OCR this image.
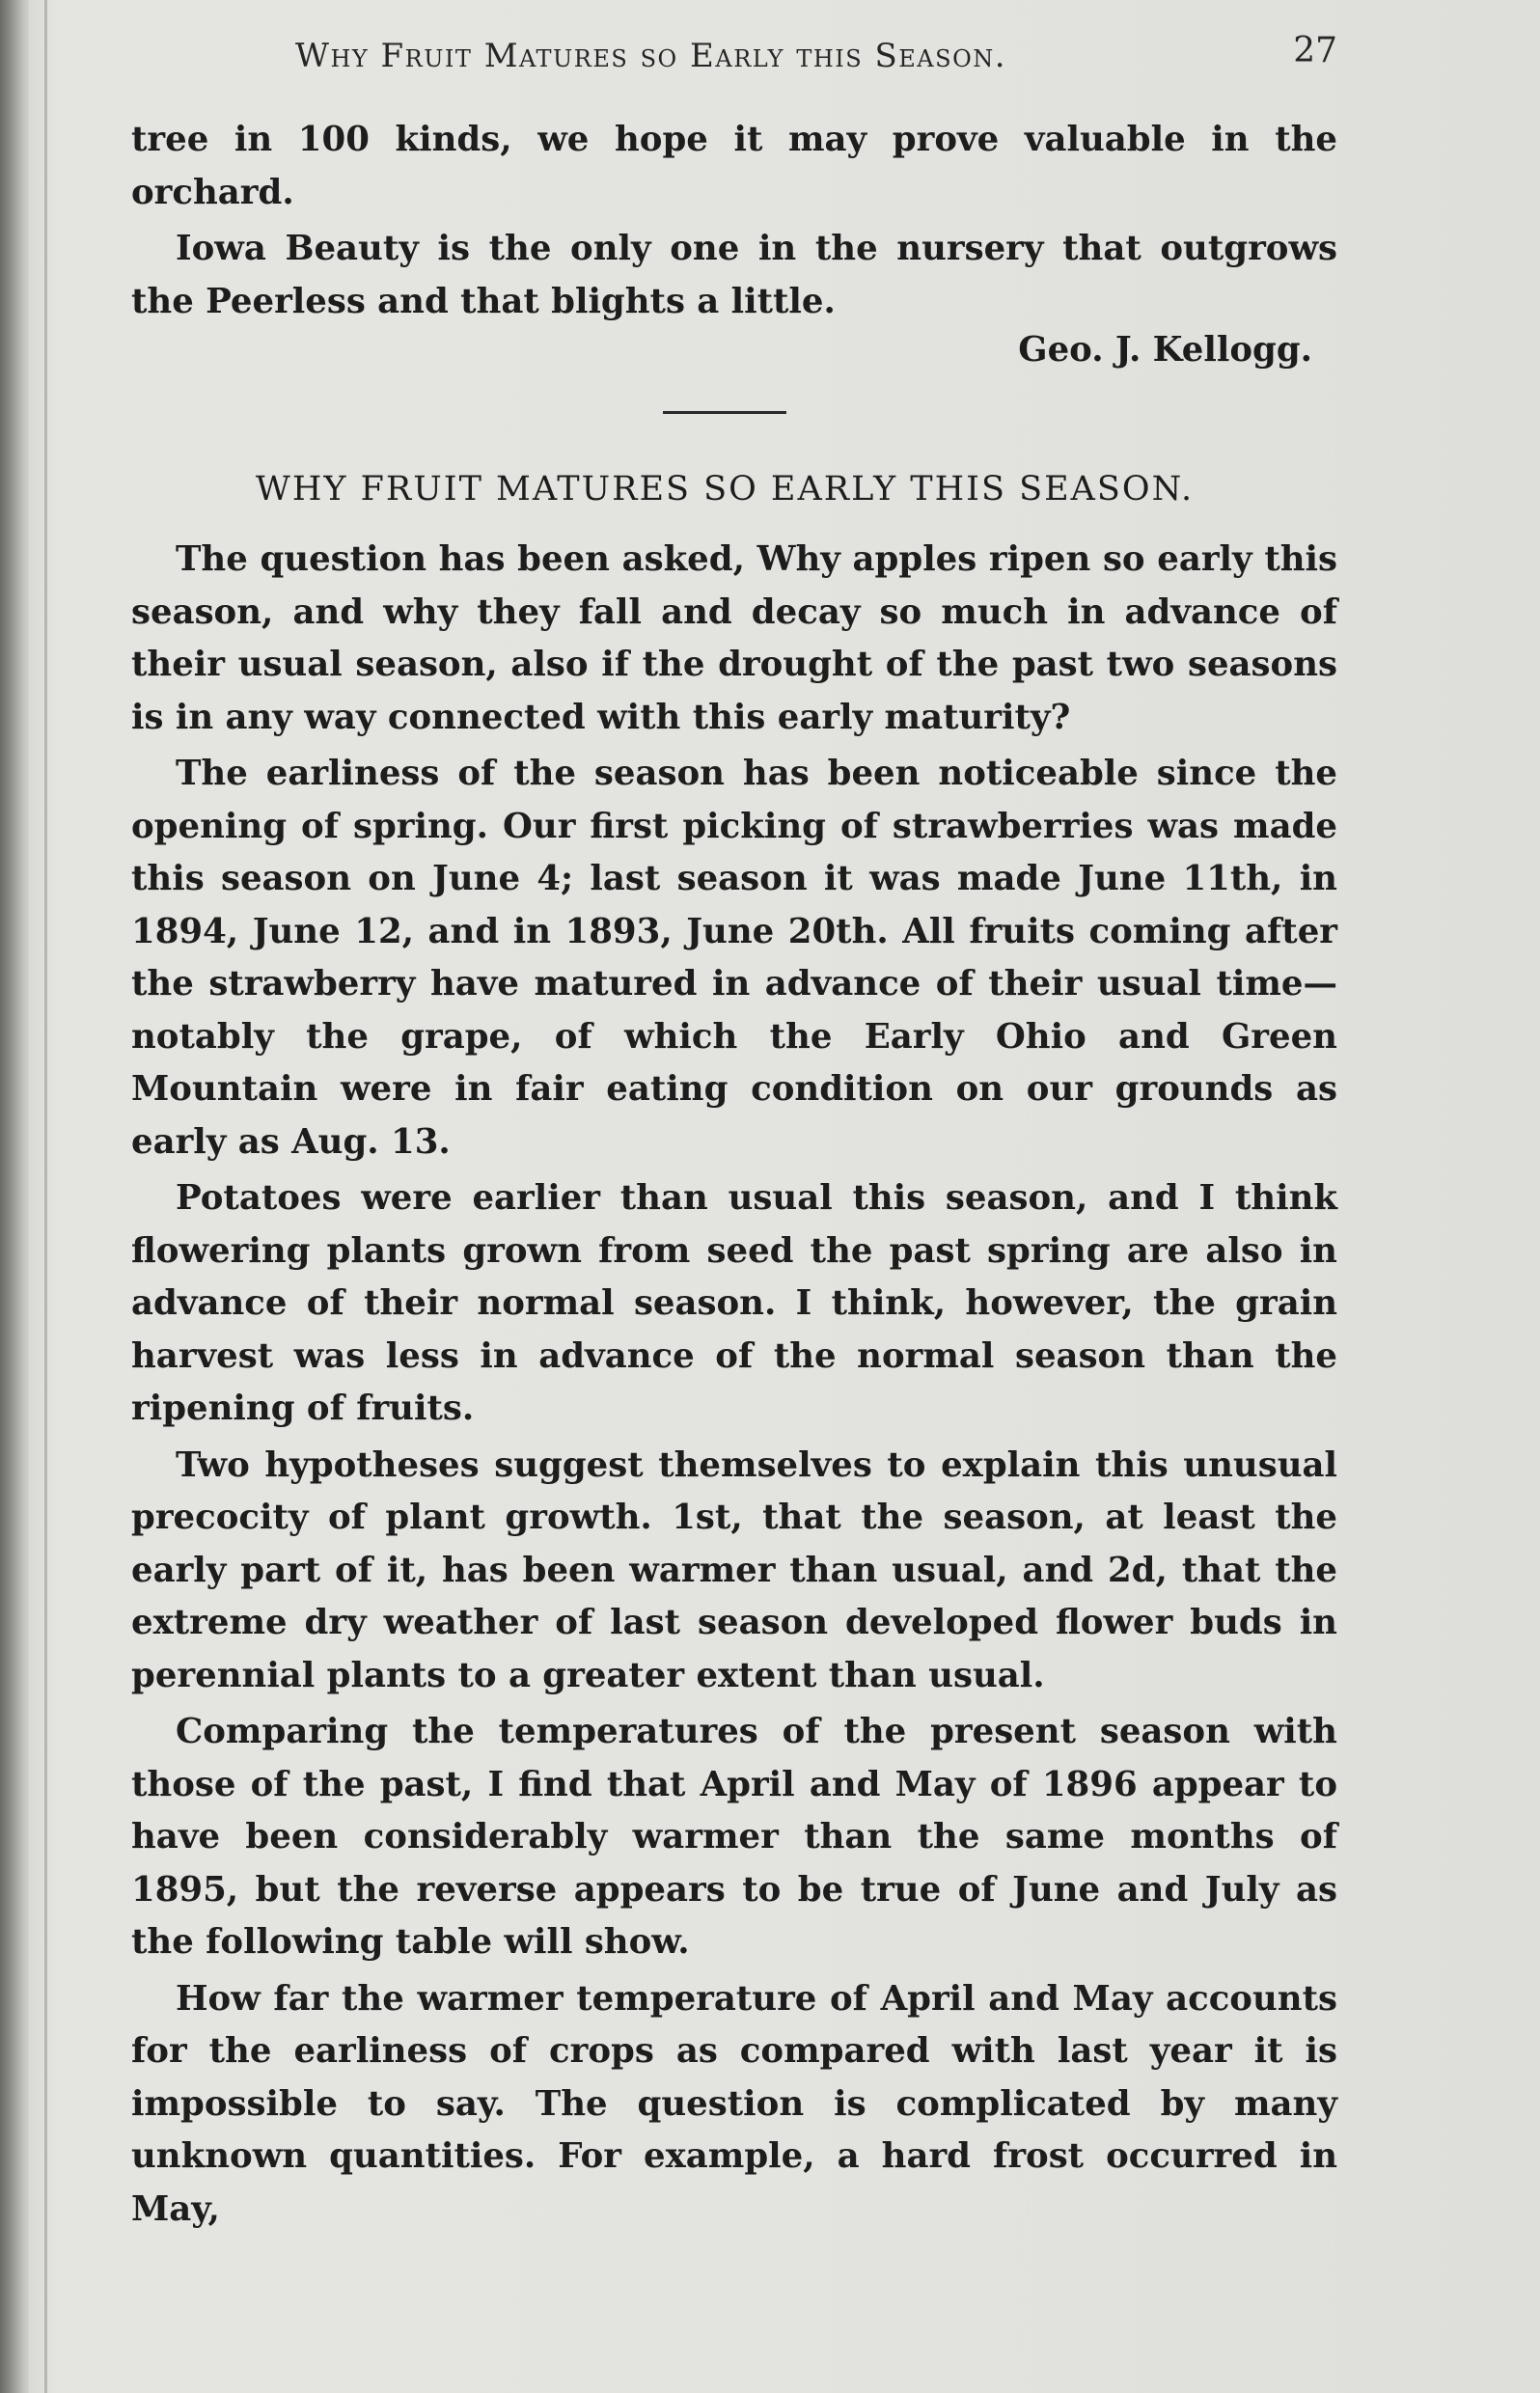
Why Fruit Matures so Early this Season.	27

tree in 100 kinds, we hope it may prove valuable in the orchard.

Iowa Beauty is the only one in the nursery that outgrows the Peerless and that blights a little.

Geo. J. Kellogg.
WHY FRUIT MATURES SO EARLY THIS SEASON.

The question has been asked, Why apples ripen so early this season, and why they fall and decay so much in advance of their usual season, also if the drought of the past two seasons is in any way connected with this early maturity?

The earliness of the season has been noticeable since the opening of spring. Our first picking of strawberries was made this season on June 4; last season it was made June 11th, in 1894, June 12, and in 1893, June 20th. All fruits coming after the strawberry have matured in advance of their usual time—notably the grape, of which the Early Ohio and Green Mountain were in fair eating condition on our grounds as early as Aug. 13.

Potatoes were earlier than usual this season, and I think flowering plants grown from seed the past spring are also in advance of their normal season. I think, however, the grain harvest was less in advance of the normal season than the ripening of fruits.

Two hypotheses suggest themselves to explain this unusual precocity of plant growth. 1st, that the season, at least the early part of it, has been warmer than usual, and 2d, that the extreme dry weather of last season developed flower buds in perennial plants to a greater extent than usual.

Comparing the temperatures of the present season with those of the past, I find that April and May of 1896 appear to have been considerably warmer than the same months of 1895, but the reverse appears to be true of June and July as the following table will show.

How far the warmer temperature of April and May accounts for the earliness of crops as compared with last year it is impossible to say. The question is complicated by many unknown quantities. For example, a hard frost occurred in May,
